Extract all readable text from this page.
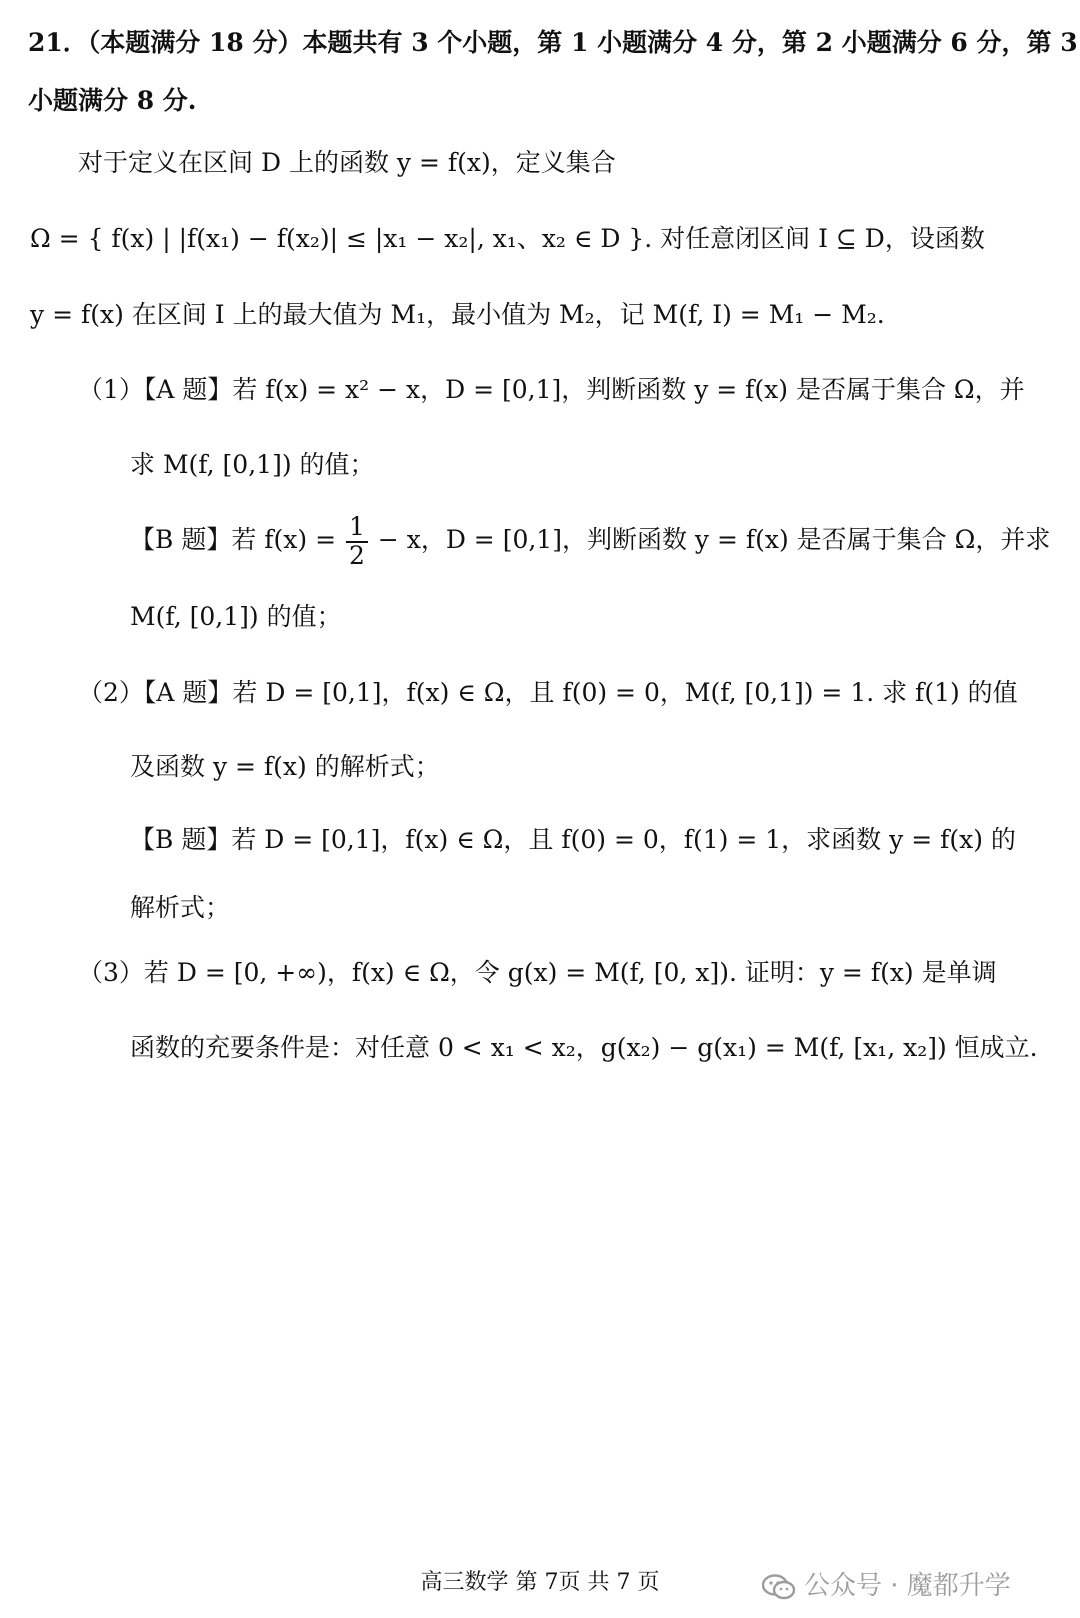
21．（本题满分 18 分）本题共有 3 个小题，第 1 小题满分 4 分，第 2 小题满分 6 分，第 3
小题满分 8 分.
对于定义在区间 D 上的函数 y = f(x)，定义集合
Ω = { f(x) | |f(x₁) − f(x₂)| ≤ |x₁ − x₂|, x₁、x₂ ∈ D }. 对任意闭区间 I ⊆ D，设函数
y = f(x) 在区间 I 上的最大值为 M₁，最小值为 M₂，记 M(f, I) = M₁ − M₂.
（1）【A 题】若 f(x) = x² − x，D = [0,1]，判断函数 y = f(x) 是否属于集合 Ω，并
求 M(f, [0,1]) 的值；
【B 题】若 $f(x) = \frac{1}{2} - x$，D = [0,1]，判断函数 y = f(x) 是否属于集合 Ω，并求
M(f, [0,1]) 的值；
（2）【A 题】若 D = [0,1]，f(x) ∈ Ω，且 f(0) = 0，M(f, [0,1]) = 1. 求 f(1) 的值
及函数 y = f(x) 的解析式；
【B 题】若 D = [0,1]，f(x) ∈ Ω，且 f(0) = 0，f(1) = 1，求函数 y = f(x) 的
解析式；
（3）若 D = [0, +∞)，f(x) ∈ Ω，令 g(x) = M(f, [0, x]). 证明：y = f(x) 是单调
函数的充要条件是：对任意 0 < x₁ < x₂，g(x₂) − g(x₁) = M(f, [x₁, x₂]) 恒成立.
高三数学 第 7页 共 7 页	公众号 · 魔都升学
